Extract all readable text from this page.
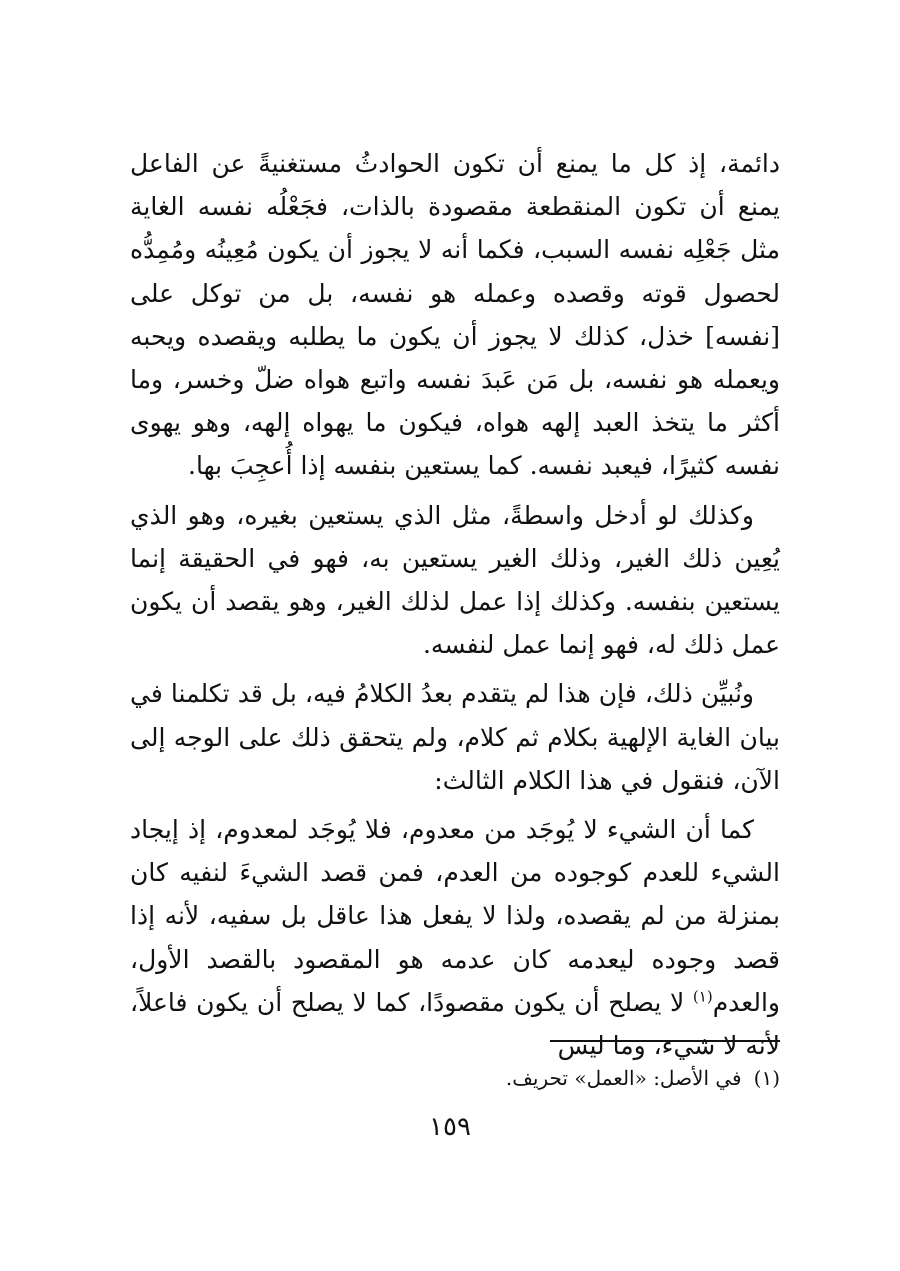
دائمة، إذ كل ما يمنع أن تكون الحوادثُ مستغنيةً عن الفاعل يمنع أن تكون المنقطعة مقصودة بالذات، فجَعْلُه نفسه الغاية مثل جَعْلِه نفسه السبب، فكما أنه لا يجوز أن يكون مُعِينُه ومُمِدُّه لحصول قوته وقصده وعمله هو نفسه، بل من توكل على [نفسه] خذل، كذلك لا يجوز أن يكون ما يطلبه ويقصده ويحبه ويعمله هو نفسه، بل مَن عَبدَ نفسه واتبع هواه ضلّ وخسر، وما أكثر ما يتخذ العبد إلهه هواه، فيكون ما يهواه إلهه، وهو يهوى نفسه كثيرًا، فيعبد نفسه. كما يستعين بنفسه إذا أُعجِبَ بها.

وكذلك لو أدخل واسطةً، مثل الذي يستعين بغيره، وهو الذي يُعِين ذلك الغير، وذلك الغير يستعين به، فهو في الحقيقة إنما يستعين بنفسه. وكذلك إذا عمل لذلك الغير، وهو يقصد أن يكون عمل ذلك له، فهو إنما عمل لنفسه.

ونُبيِّن ذلك، فإن هذا لم يتقدم بعدُ الكلامُ فيه، بل قد تكلمنا في بيان الغاية الإلهية بكلام ثم كلام، ولم يتحقق ذلك على الوجه إلى الآن، فنقول في هذا الكلام الثالث:

كما أن الشيء لا يُوجَد من معدوم، فلا يُوجَد لمعدوم، إذ إيجاد الشيء للعدم كوجوده من العدم، فمن قصد الشيءَ لنفيه كان بمنزلة من لم يقصده، ولذا لا يفعل هذا عاقل بل سفيه، لأنه إذا قصد وجوده ليعدمه كان عدمه هو المقصود بالقصد الأول، والعدم$^{(١)}$ لا يصلح أن يكون مقصودًا، كما لا يصلح أن يكون فاعلاً، لأنه لا شيء، وما ليس

(١)في الأصل: «العمل» تحريف.
١٥٩
